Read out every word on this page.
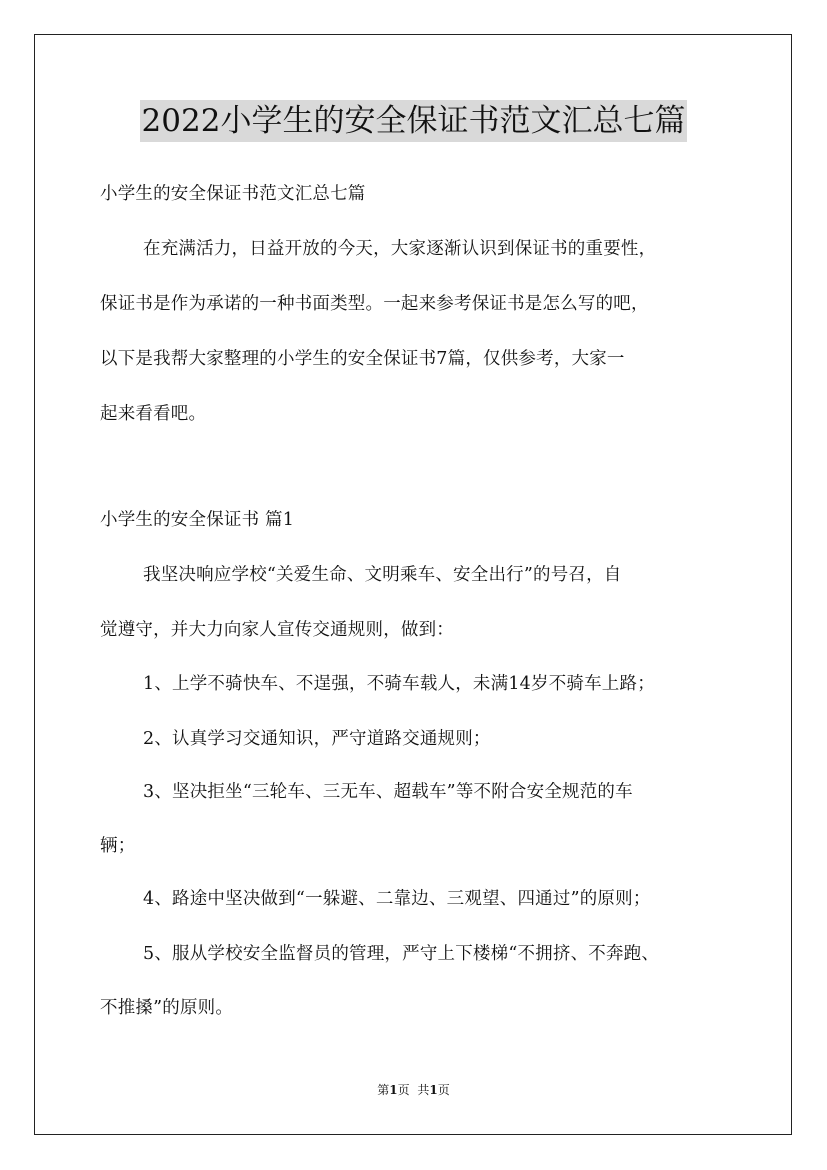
2022小学生的安全保证书范文汇总七篇
小学生的安全保证书范文汇总七篇
在充满活力，日益开放的今天，大家逐渐认识到保证书的重要性，
保证书是作为承诺的一种书面类型。一起来参考保证书是怎么写的吧，
以下是我帮大家整理的小学生的安全保证书7篇，仅供参考，大家一
起来看看吧。
小学生的安全保证书 篇1
我坚决响应学校“关爱生命、文明乘车、安全出行”的号召，自
觉遵守，并大力向家人宣传交通规则，做到：
1、上学不骑快车、不逞强，不骑车载人，未满14岁不骑车上路；
2、认真学习交通知识，严守道路交通规则；
3、坚决拒坐“三轮车、三无车、超载车”等不附合安全规范的车
辆；
4、路途中坚决做到“一躲避、二靠边、三观望、四通过”的原则；
5、服从学校安全监督员的管理，严守上下楼梯“不拥挤、不奔跑、
不推搡”的原则。
第1页 共1页
